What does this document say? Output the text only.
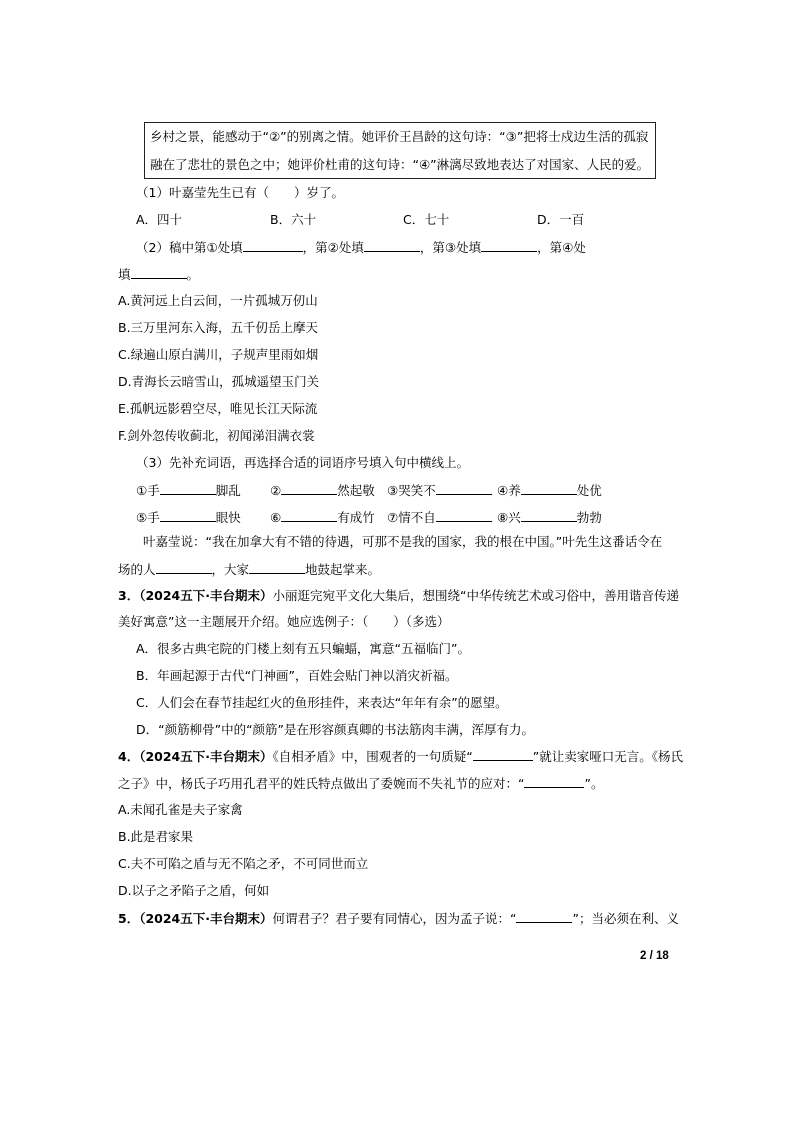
乡村之景，能感动于“②”的别离之情。她评价王昌龄的这句诗：“③”把将士戍边生活的孤寂
融在了悲壮的景色之中；她评价杜甫的这句诗：“④”淋漓尽致地表达了对国家、人民的爱。
（1）叶嘉莹先生已有（　　）岁了。
A．四十	B．六十	C．七十	D．一百
（2）稿中第①处填	，第②处填	，第③处填	，第④处
填	。
A.黄河远上白云间，一片孤城万仞山
B.三万里河东入海，五千仞岳上摩天
C.绿遍山原白满川，子规声里雨如烟
D.青海长云暗雪山，孤城遥望玉门关
E.孤帆远影碧空尽，唯见长江天际流
F.剑外忽传收蓟北，初闻涕泪满衣裳
（3）先补充词语，再选择合适的词语序号填入句中横线上。
①手	脚乱 ②	然起敬 ③哭笑不	④养	处优
⑤手	眼快 ⑥	有成竹 ⑦情不自	⑧兴	勃勃
叶嘉莹说：“我在加拿大有不错的待遇，可那不是我的国家，我的根在中国。”叶先生这番话令在
场的人	，大家	地鼓起掌来。
3．（2024五下·丰台期末）小丽逛完宛平文化大集后，想围绕“中华传统艺术或习俗中，善用谐音传递
美好寓意”这一主题展开介绍。她应选例子：（　　）（多选）
A．很多古典宅院的门楼上刻有五只蝙蝠，寓意“五福临门”。
B．年画起源于古代“门神画”，百姓会贴门神以消灾祈福。
C．人们会在春节挂起红火的鱼形挂件，来表达“年年有余”的愿望。
D．“颜筋柳骨”中的“颜筋”是在形容颜真卿的书法筋肉丰满，浑厚有力。
4．（2024五下·丰台期末）《自相矛盾》中，围观者的一句质疑“	”就让卖家哑口无言。《杨氏
之子》中，杨氏子巧用孔君平的姓氏特点做出了委婉而不失礼节的应对：“	”。
A.未闻孔雀是夫子家禽
B.此是君家果
C.夫不可陷之盾与无不陷之矛，不可同世而立
D.以子之矛陷子之盾，何如
5．（2024五下·丰台期末）何谓君子？君子要有同情心，因为孟子说：“	”；当必须在利、义
2 / 18
